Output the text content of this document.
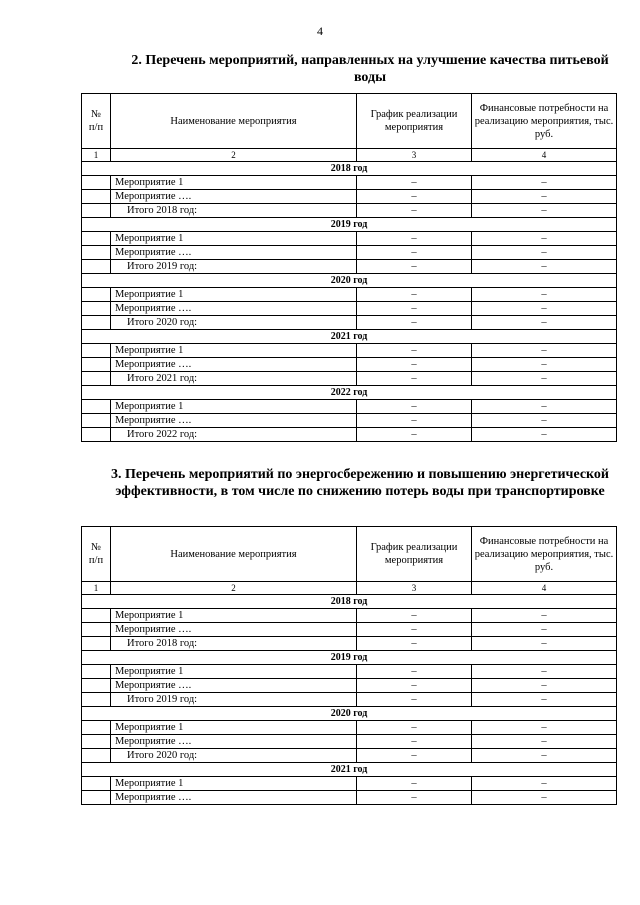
4
2. Перечень мероприятий, направленных на улучшение качества питьевой воды
№
п/п	Наименование мероприятия	График реализации мероприятия	Финансовые потребности на реализацию мероприятия, тыс. руб.
1	2	3	4
2018 год			
	Мероприятие 1	–	–
	Мероприятие ….	–	–
	Итого 2018 год:	–	–
2019 год			
	Мероприятие 1	–	–
	Мероприятие ….	–	–
	Итого 2019 год:	–	–
2020 год			
	Мероприятие 1	–	–
	Мероприятие ….	–	–
	Итого 2020 год:	–	–
2021 год			
	Мероприятие 1	–	–
	Мероприятие ….	–	–
	Итого 2021 год:	–	–
2022 год			
	Мероприятие 1	–	–
	Мероприятие ….	–	–
	Итого 2022 год:	–	–
3. Перечень мероприятий по энергосбережению и повышению энергетической эффективности, в том числе по снижению потерь воды при транспортировке
№
п/п	Наименование мероприятия	График реализации мероприятия	Финансовые потребности на реализацию мероприятия, тыс. руб.
1	2	3	4
2018 год			
	Мероприятие 1	–	–
	Мероприятие ….	–	–
	Итого 2018 год:	–	–
2019 год			
	Мероприятие 1	–	–
	Мероприятие ….	–	–
	Итого 2019 год:	–	–
2020 год			
	Мероприятие 1	–	–
	Мероприятие ….	–	–
	Итого 2020 год:	–	–
2021 год			
	Мероприятие 1	–	–
	Мероприятие ….	–	–
